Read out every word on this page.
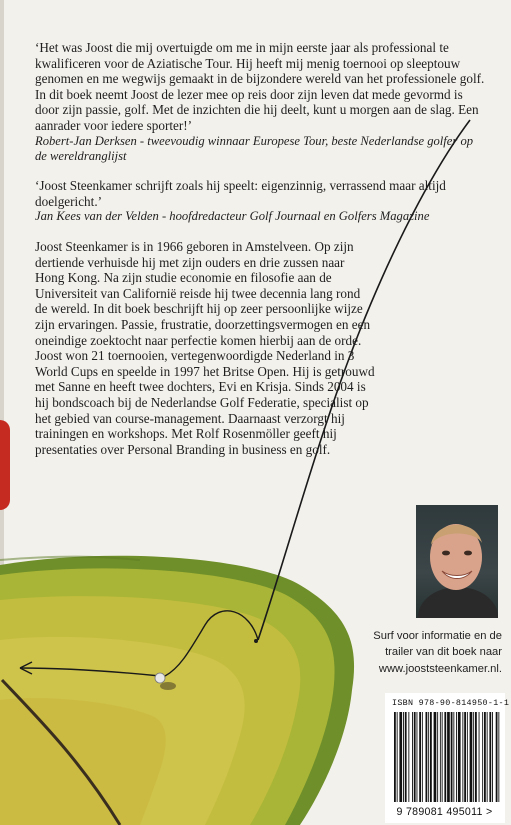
‘Het was Joost die mij overtuigde om me in mijn eerste jaar als professional te kwalificeren voor de Aziatische Tour. Hij heeft mij menig toernooi op sleeptouw genomen en me wegwijs gemaakt in de bijzondere wereld van het professionele golf. In dit boek neemt Joost de lezer mee op reis door zijn leven dat mede gevormd is door zijn passie, golf. Met de inzichten die hij deelt, kunt u morgen aan de slag. Een aanrader voor iedere sporter!’
Robert-Jan Derksen - tweevoudig winnaar Europese Tour, beste Nederlandse golfer op de wereldranglijst
‘Joost Steenkamer schrijft zoals hij speelt: eigenzinnig, verrassend maar altijd doelgericht.’
Jan Kees van der Velden - hoofdredacteur Golf Journaal en Golfers Magazine
Joost Steenkamer is in 1966 geboren in Amstelveen. Op zijn dertiende verhuisde hij met zijn ouders en drie zussen naar Hong Kong. Na zijn studie economie en filosofie aan de Universiteit van Californië reisde hij twee decennia lang rond de wereld. In dit boek beschrijft hij op zeer persoonlijke wijze zijn ervaringen. Passie, frustratie, doorzettingsvermogen en een oneindige zoektocht naar perfectie komen hierbij aan de orde. Joost won 21 toernooien, vertegenwoordigde Nederland in 3 World Cups en speelde in 1997 het Britse Open. Hij is getrouwd met Sanne en heeft twee dochters, Evi en Krisja. Sinds 2004 is hij bondscoach bij de Nederlandse Golf Federatie, specialist op het gebied van course-management. Daarnaast verzorgt hij trainingen en workshops. Met Rolf Rosenmöller geeft hij presentaties over Personal Branding in business en golf.
Surf voor informatie en de
trailer van dit boek naar
www.jooststeenkamer.nl.
ISBN 978-90-814950-1-1
9 789081 495011 >
